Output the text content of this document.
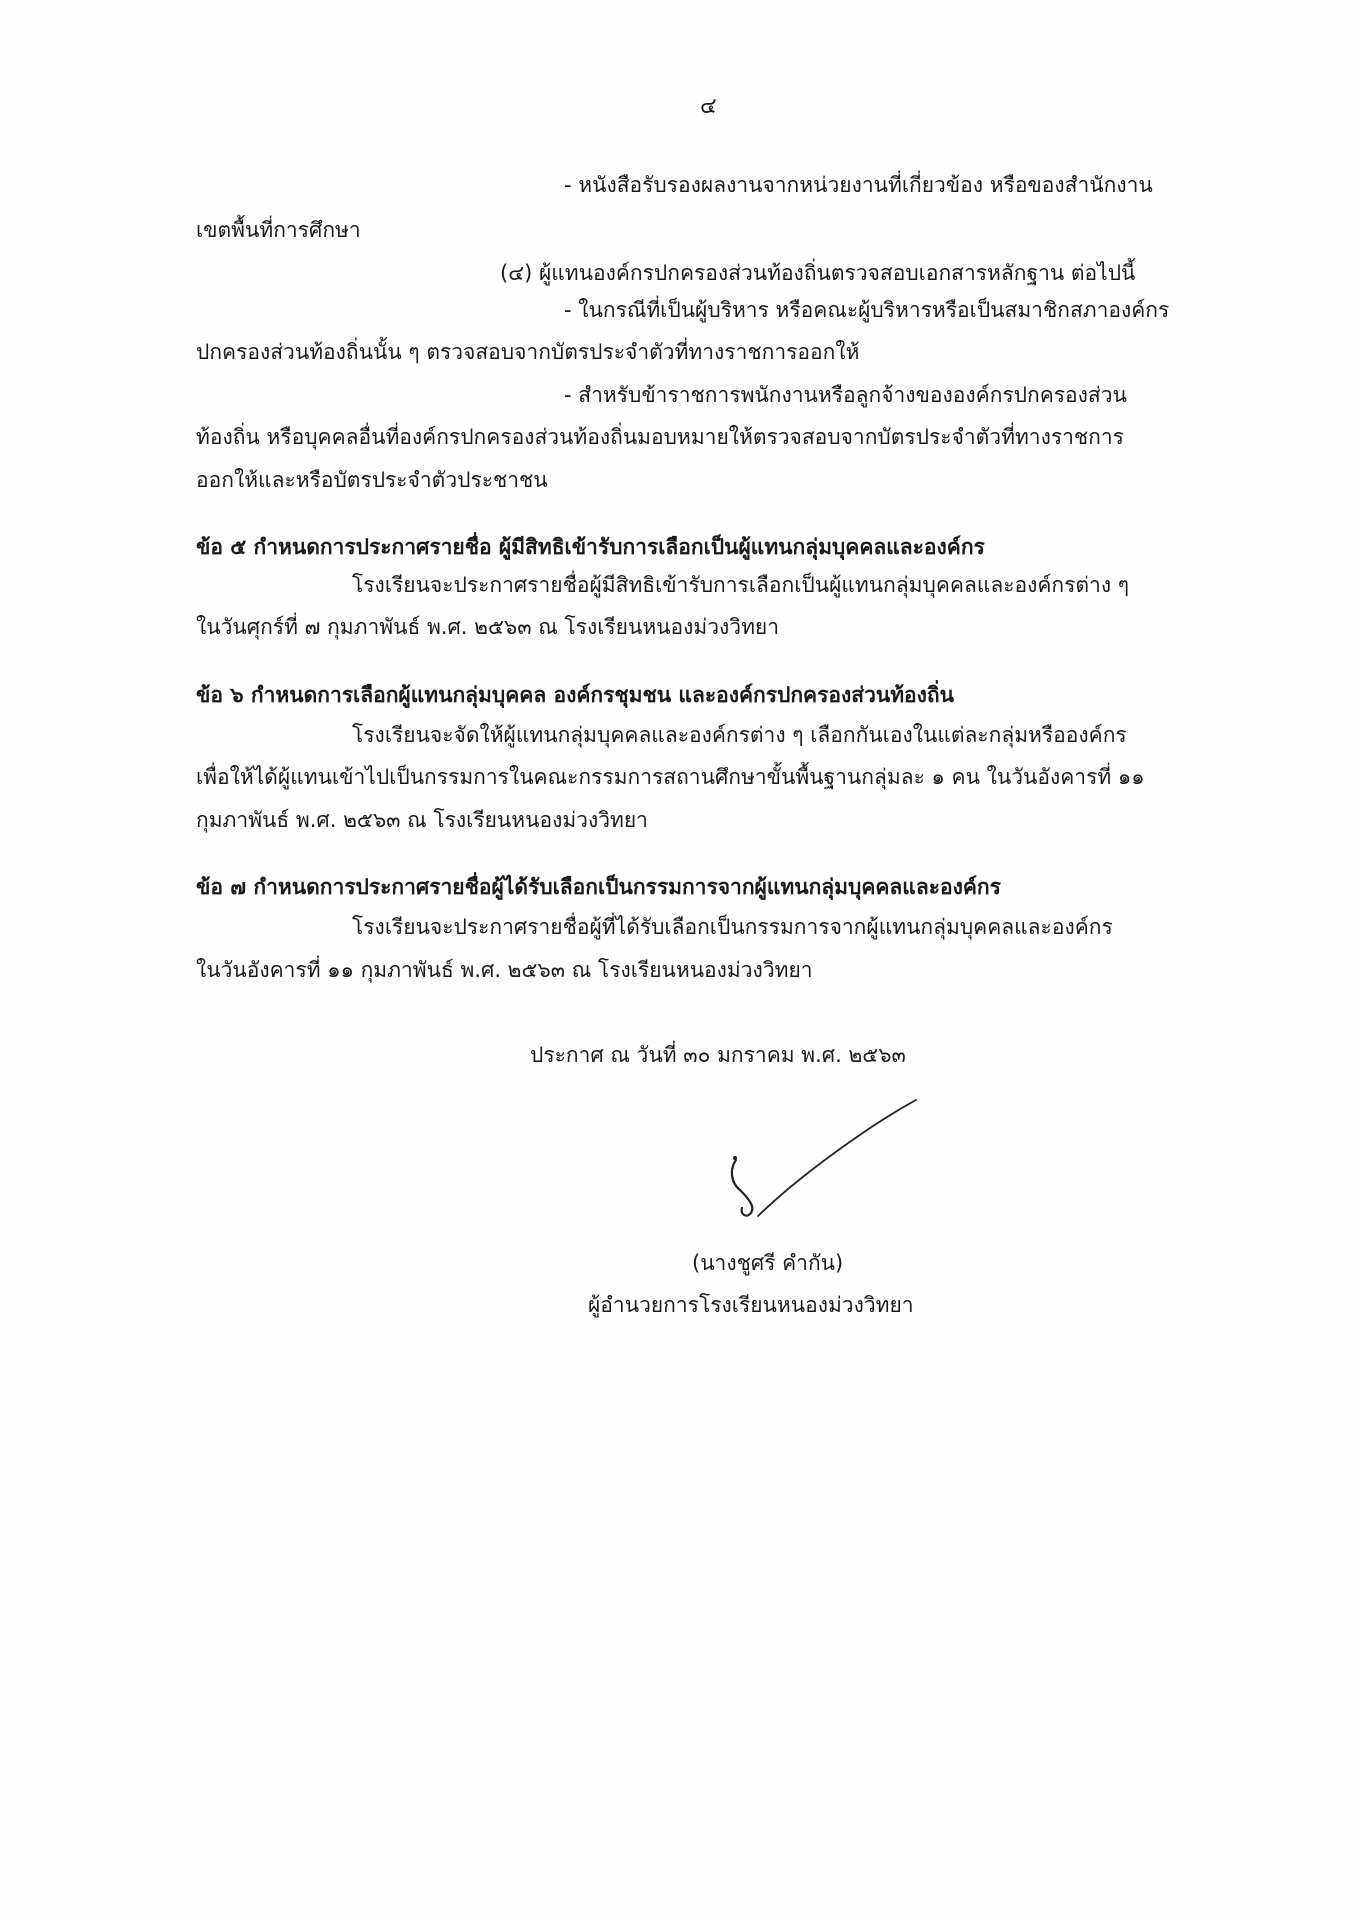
๔
- หนังสือรับรองผลงานจากหน่วยงานที่เกี่ยวข้อง หรือของสำนักงาน
เขตพื้นที่การศึกษา
(๔) ผู้แทนองค์กรปกครองส่วนท้องถิ่นตรวจสอบเอกสารหลักฐาน ต่อไปนี้
- ในกรณีที่เป็นผู้บริหาร หรือคณะผู้บริหารหรือเป็นสมาชิกสภาองค์กร
ปกครองส่วนท้องถิ่นนั้น ๆ ตรวจสอบจากบัตรประจำตัวที่ทางราชการออกให้
- สำหรับข้าราชการพนักงานหรือลูกจ้างขององค์กรปกครองส่วน
ท้องถิ่น หรือบุคคลอื่นที่องค์กรปกครองส่วนท้องถิ่นมอบหมายให้ตรวจสอบจากบัตรประจำตัวที่ทางราชการ
ออกให้และหรือบัตรประจำตัวประชาชน
ข้อ ๕ กำหนดการประกาศรายชื่อ ผู้มีสิทธิเข้ารับการเลือกเป็นผู้แทนกลุ่มบุคคลและองค์กร
โรงเรียนจะประกาศรายชื่อผู้มีสิทธิเข้ารับการเลือกเป็นผู้แทนกลุ่มบุคคลและองค์กรต่าง ๆ
ในวันศุกร์ที่ ๗ กุมภาพันธ์ พ.ศ. ๒๕๖๓ ณ โรงเรียนหนองม่วงวิทยา
ข้อ ๖ กำหนดการเลือกผู้แทนกลุ่มบุคคล องค์กรชุมชน และองค์กรปกครองส่วนท้องถิ่น
โรงเรียนจะจัดให้ผู้แทนกลุ่มบุคคลและองค์กรต่าง ๆ เลือกกันเองในแต่ละกลุ่มหรือองค์กร
เพื่อให้ได้ผู้แทนเข้าไปเป็นกรรมการในคณะกรรมการสถานศึกษาขั้นพื้นฐานกลุ่มละ ๑ คน ในวันอังคารที่ ๑๑
กุมภาพันธ์ พ.ศ. ๒๕๖๓ ณ โรงเรียนหนองม่วงวิทยา
ข้อ ๗ กำหนดการประกาศรายชื่อผู้ได้รับเลือกเป็นกรรมการจากผู้แทนกลุ่มบุคคลและองค์กร
โรงเรียนจะประกาศรายชื่อผู้ที่ได้รับเลือกเป็นกรรมการจากผู้แทนกลุ่มบุคคลและองค์กร
ในวันอังคารที่ ๑๑ กุมภาพันธ์ พ.ศ. ๒๕๖๓ ณ โรงเรียนหนองม่วงวิทยา
ประกาศ ณ วันที่ ๓๐ มกราคม พ.ศ. ๒๕๖๓
(นางชูศรี คำกัน)
ผู้อำนวยการโรงเรียนหนองม่วงวิทยา
